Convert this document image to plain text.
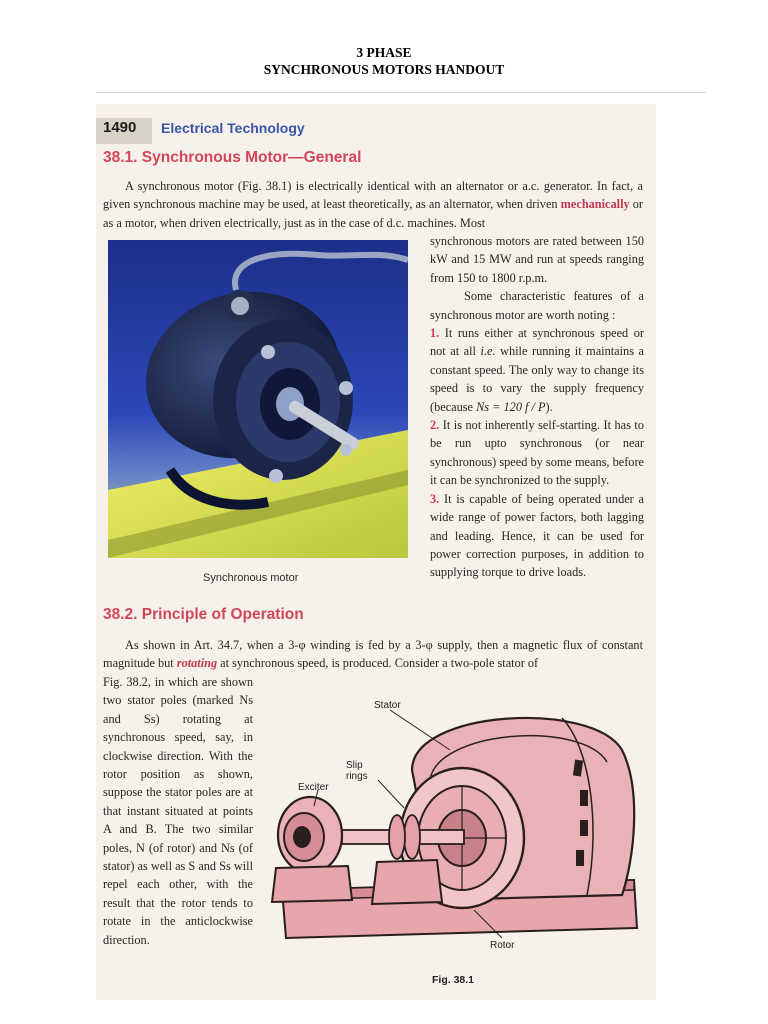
3 PHASE
SYNCHRONOUS MOTORS HANDOUT
1490 Electrical Technology
38.1. Synchronous Motor—General

A synchronous motor (Fig. 38.1) is electrically identical with an alternator or a.c. generator. In fact, a given synchronous machine may be used, at least theoretically, as an alternator, when driven mechanically or as a motor, when driven electrically, just as in the case of d.c. machines. Most

synchronous motors are rated between 150 kW and 15 MW and run at speeds ranging from 150 to 1800 r.p.m.

Some characteristic features of a synchronous motor are worth noting :

1. It runs either at synchronous speed or not at all i.e. while running it maintains a constant speed. The only way to change its speed is to vary the supply frequency (because Ns = 120 f / P).

2. It is not inherently self-starting. It has to be run upto synchronous (or near synchronous) speed by some means, before it can be synchronized to the supply.

3. It is capable of being operated under a wide range of power factors, both lagging and leading. Hence, it can be used for power correction purposes, in addition to supplying torque to drive loads.

Synchronous motor
38.2. Principle of Operation

As shown in Art. 34.7, when a 3-φ winding is fed by a 3-φ supply, then a magnetic flux of constant magnitude but rotating at synchronous speed, is produced. Consider a two-pole stator of

Fig. 38.2, in which are shown two stator poles (marked Ns and Ss) rotating at synchronous speed, say, in clockwise direction. With the rotor position as shown, suppose the stator poles are at that instant situated at points A and B. The two similar poles, N (of rotor) and Ns (of stator) as well as S and Ss will repel each other, with the result that the rotor tends to rotate in the anticlockwise direction.

Stator
Slip
rings
Exciter
Rotor
Fig. 38.1
